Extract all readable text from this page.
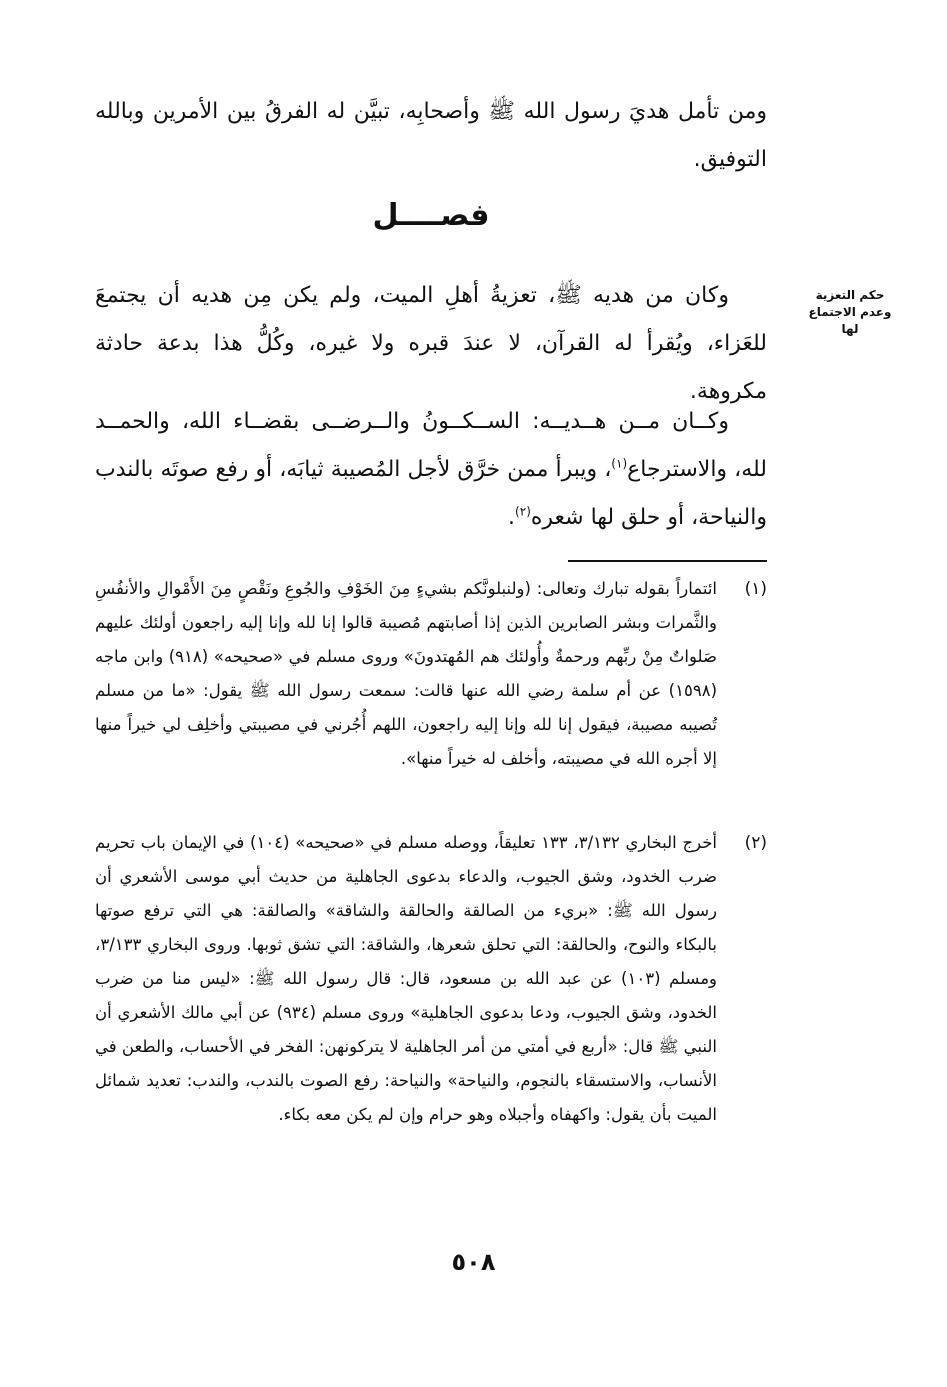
ومن تأمل هديَ رسول الله ﷺ وأصحابِه، تبيَّن له الفرقُ بين الأمرين وبالله التوفيق.

فصــــل
حكم التعزية وعدم الاجتماع لها

وكان من هديه ﷺ، تعزيةُ أهلِ الميت، ولم يكن مِن هديه أن يجتمعَ للعَزاء، ويُقرأ له القرآن، لا عندَ قبره ولا غيره، وكُلُّ هذا بدعة حادثة مكروهة.

وكــان مــن هــديــه: الســكــونُ والــرضــى بقضــاء الله، والحمــد لله، والاسترجاع$^{(١)}$، ويبرأ ممن خرَّق لأجل المُصيبة ثيابَه، أو رفع صوتَه بالندب والنياحة، أو حلق لها شعره$^{(٢)}$.

(١)

ائتماراً بقوله تبارك وتعالى: (ولنبلونَّكم بشيءٍ مِنَ الخَوْفِ والجُوعِ ونَقْصٍ مِنَ الأَمْوالِ والأنفُسِ والثَّمرات وبشر الصابرين الذين إذا أصابتهم مُصيبة قالوا إنا لله وإنا إليه راجعون أولئك عليهم صَلواتٌ مِنْ ربِّهم ورحمةٌ وأُولئك هم المُهتدونَ» وروى مسلم في «صحيحه» (٩١٨) وابن ماجه (١٥٩٨) عن أم سلمة رضي الله عنها قالت: سمعت رسول الله ﷺ يقول: «ما من مسلم تُصيبه مصيبة، فيقول إنا لله وإنا إليه راجعون، اللهم أُجُرني في مصيبتي وأخلِف لي خيراً منها إلا أجره الله في مصيبته، وأخلف له خيراً منها».

(٢)

أخرج البخاري ٣/١٣٢، ١٣٣ تعليقاً، ووصله مسلم في «صحيحه» (١٠٤) في الإيمان باب تحريم ضرب الخدود، وشق الجيوب، والدعاء بدعوى الجاهلية من حديث أبي موسى الأشعري أن رسول الله ﷺ: «بريء من الصالقة والحالقة والشاقة» والصالقة: هي التي ترفع صوتها بالبكاء والنوح، والحالقة: التي تحلق شعرها، والشاقة: التي تشق ثوبها. وروى البخاري ٣/١٣٣، ومسلم (١٠٣) عن عبد الله بن مسعود، قال: قال رسول الله ﷺ: «ليس منا من ضرب الخدود، وشق الجيوب، ودعا بدعوى الجاهلية» وروى مسلم (٩٣٤) عن أبي مالك الأشعري أن النبي ﷺ قال: «أربع في أمتي من أمر الجاهلية لا يتركونهن: الفخر في الأحساب، والطعن في الأنساب، والاستسقاء بالنجوم، والنياحة» والنياحة: رفع الصوت بالندب، والندب: تعديد شمائل الميت بأن يقول: واكهفاه وأجبلاه وهو حرام وإن لم يكن معه بكاء.

٥٠٨
